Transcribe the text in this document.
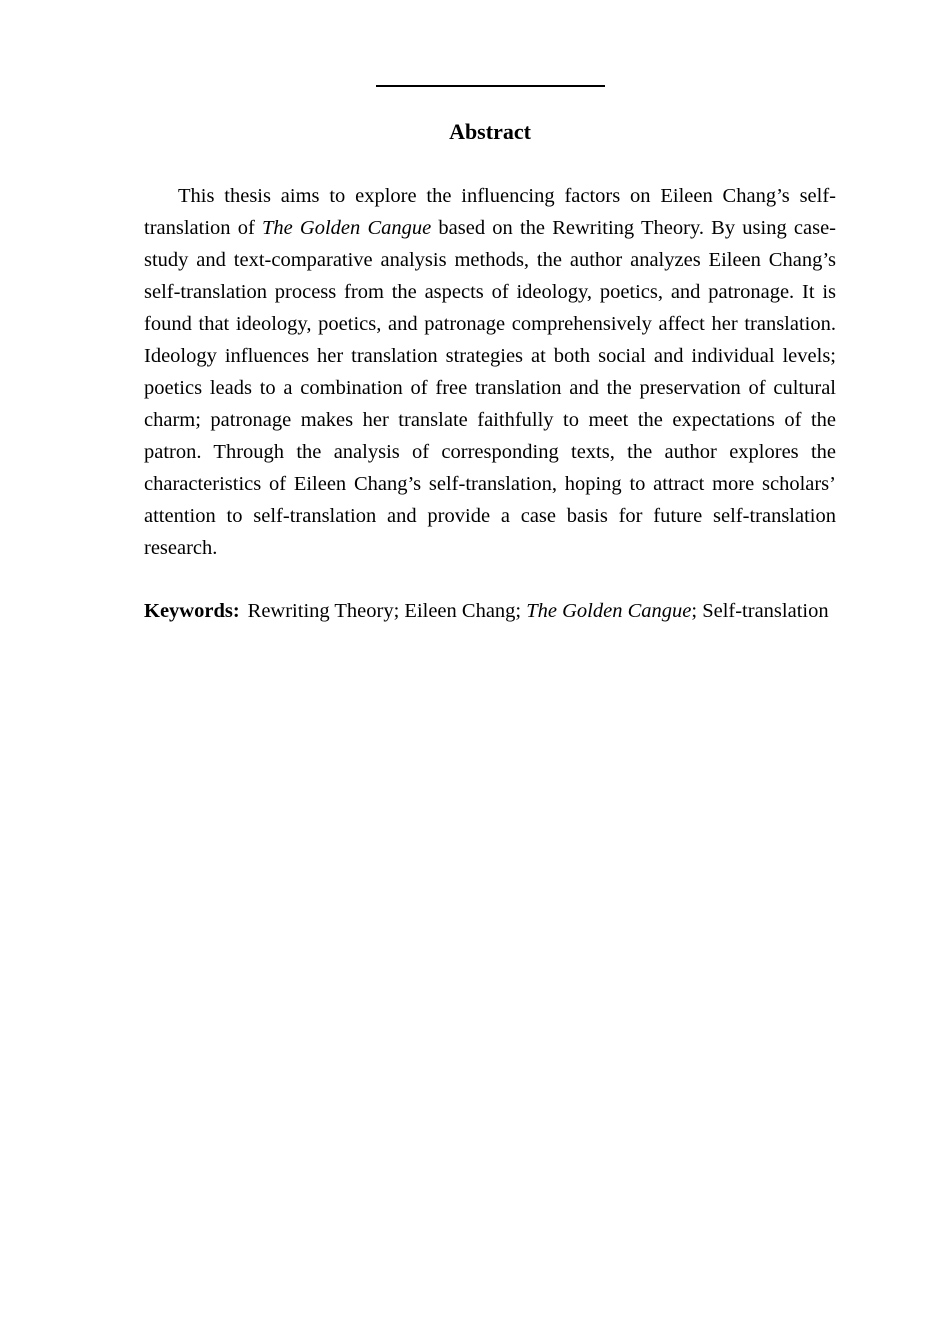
Abstract

This thesis aims to explore the influencing factors on Eileen Chang’s self-translation of The Golden Cangue based on the Rewriting Theory. By using case-study and text-comparative analysis methods, the author analyzes Eileen Chang’s self-translation process from the aspects of ideology, poetics, and patronage. It is found that ideology, poetics, and patronage comprehensively affect her translation. Ideology influences her translation strategies at both social and individual levels; poetics leads to a combination of free translation and the preservation of cultural charm; patronage makes her translate faithfully to meet the expectations of the patron. Through the analysis of corresponding texts, the author explores the characteristics of Eileen Chang’s self-translation, hoping to attract more scholars’ attention to self-translation and provide a case basis for future self-translation research.

Keywords: Rewriting Theory; Eileen Chang; The Golden Cangue; Self-translation
